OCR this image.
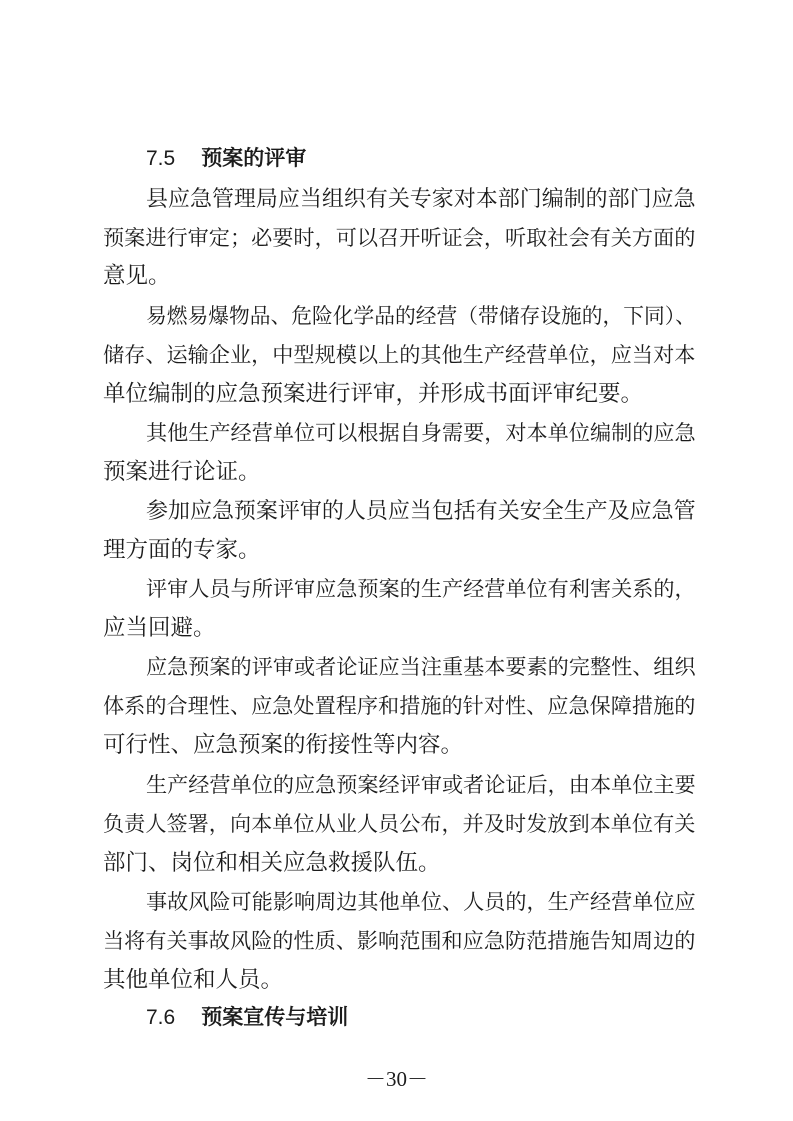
7.5 预案的评审
县应急管理局应当组织有关专家对本部门编制的部门应急
预案进行审定；必要时，可以召开听证会，听取社会有关方面的
意见。
易燃易爆物品、危险化学品的经营（带储存设施的，下同）、
储存、运输企业，中型规模以上的其他生产经营单位，应当对本
单位编制的应急预案进行评审，并形成书面评审纪要。
其他生产经营单位可以根据自身需要，对本单位编制的应急
预案进行论证。
参加应急预案评审的人员应当包括有关安全生产及应急管
理方面的专家。
评审人员与所评审应急预案的生产经营单位有利害关系的，
应当回避。
应急预案的评审或者论证应当注重基本要素的完整性、组织
体系的合理性、应急处置程序和措施的针对性、应急保障措施的
可行性、应急预案的衔接性等内容。
生产经营单位的应急预案经评审或者论证后，由本单位主要
负责人签署，向本单位从业人员公布，并及时发放到本单位有关
部门、岗位和相关应急救援队伍。
事故风险可能影响周边其他单位、人员的，生产经营单位应
当将有关事故风险的性质、影响范围和应急防范措施告知周边的
其他单位和人员。
7.6 预案宣传与培训
－30－
